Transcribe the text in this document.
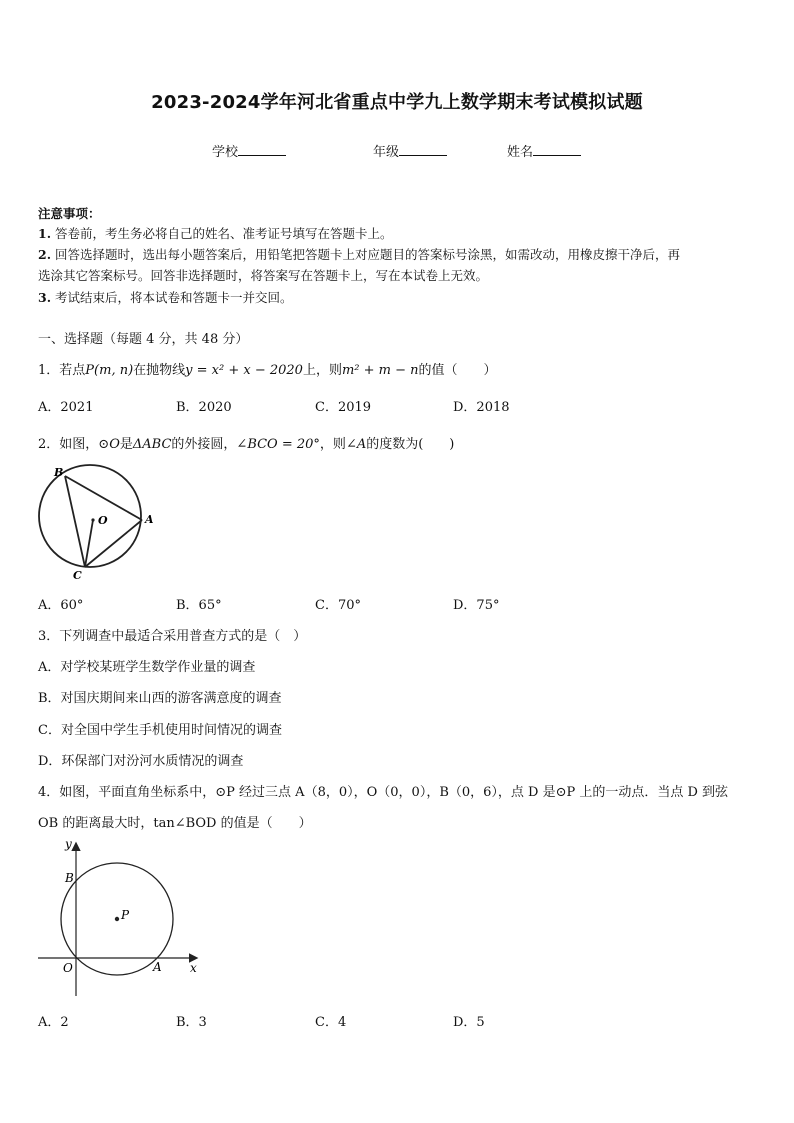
2023-2024学年河北省重点中学九上数学期末考试模拟试题
学校	年级	姓名
注意事项：
1. 答卷前，考生务必将自己的姓名、准考证号填写在答题卡上。
2. 回答选择题时，选出每小题答案后，用铅笔把答题卡上对应题目的答案标号涂黑，如需改动，用橡皮擦干净后，再
选涂其它答案标号。回答非选择题时，将答案写在答题卡上，写在本试卷上无效。
3. 考试结束后，将本试卷和答题卡一并交回。
一、选择题（每题 4 分，共 48 分）
1．若点P(m, n)在抛物线y = x² + x − 2020上，则m² + m − n的值（　　）
A．2021	B．2020	C．2019	D．2018
2．如图，⊙O是ΔABC的外接圆，∠BCO = 20°，则∠A的度数为(　　)
B
O	A
C
A．60°	B．65°	C．70°	D．75°
3．下列调查中最适合采用普查方式的是（　）
A．对学校某班学生数学作业量的调查
B．对国庆期间来山西的游客满意度的调查
C．对全国中学生手机使用时间情况的调查
D．环保部门对汾河水质情况的调查
4．如图，平面直角坐标系中，⊙P 经过三点 A（8，0），O（0，0），B（0，6），点 D 是⊙P 上的一动点．当点 D 到弦
OB 的距离最大时，tan∠BOD 的值是（　　）
y
x
B
P
O	A
A．2	B．3	C．4	D．5
